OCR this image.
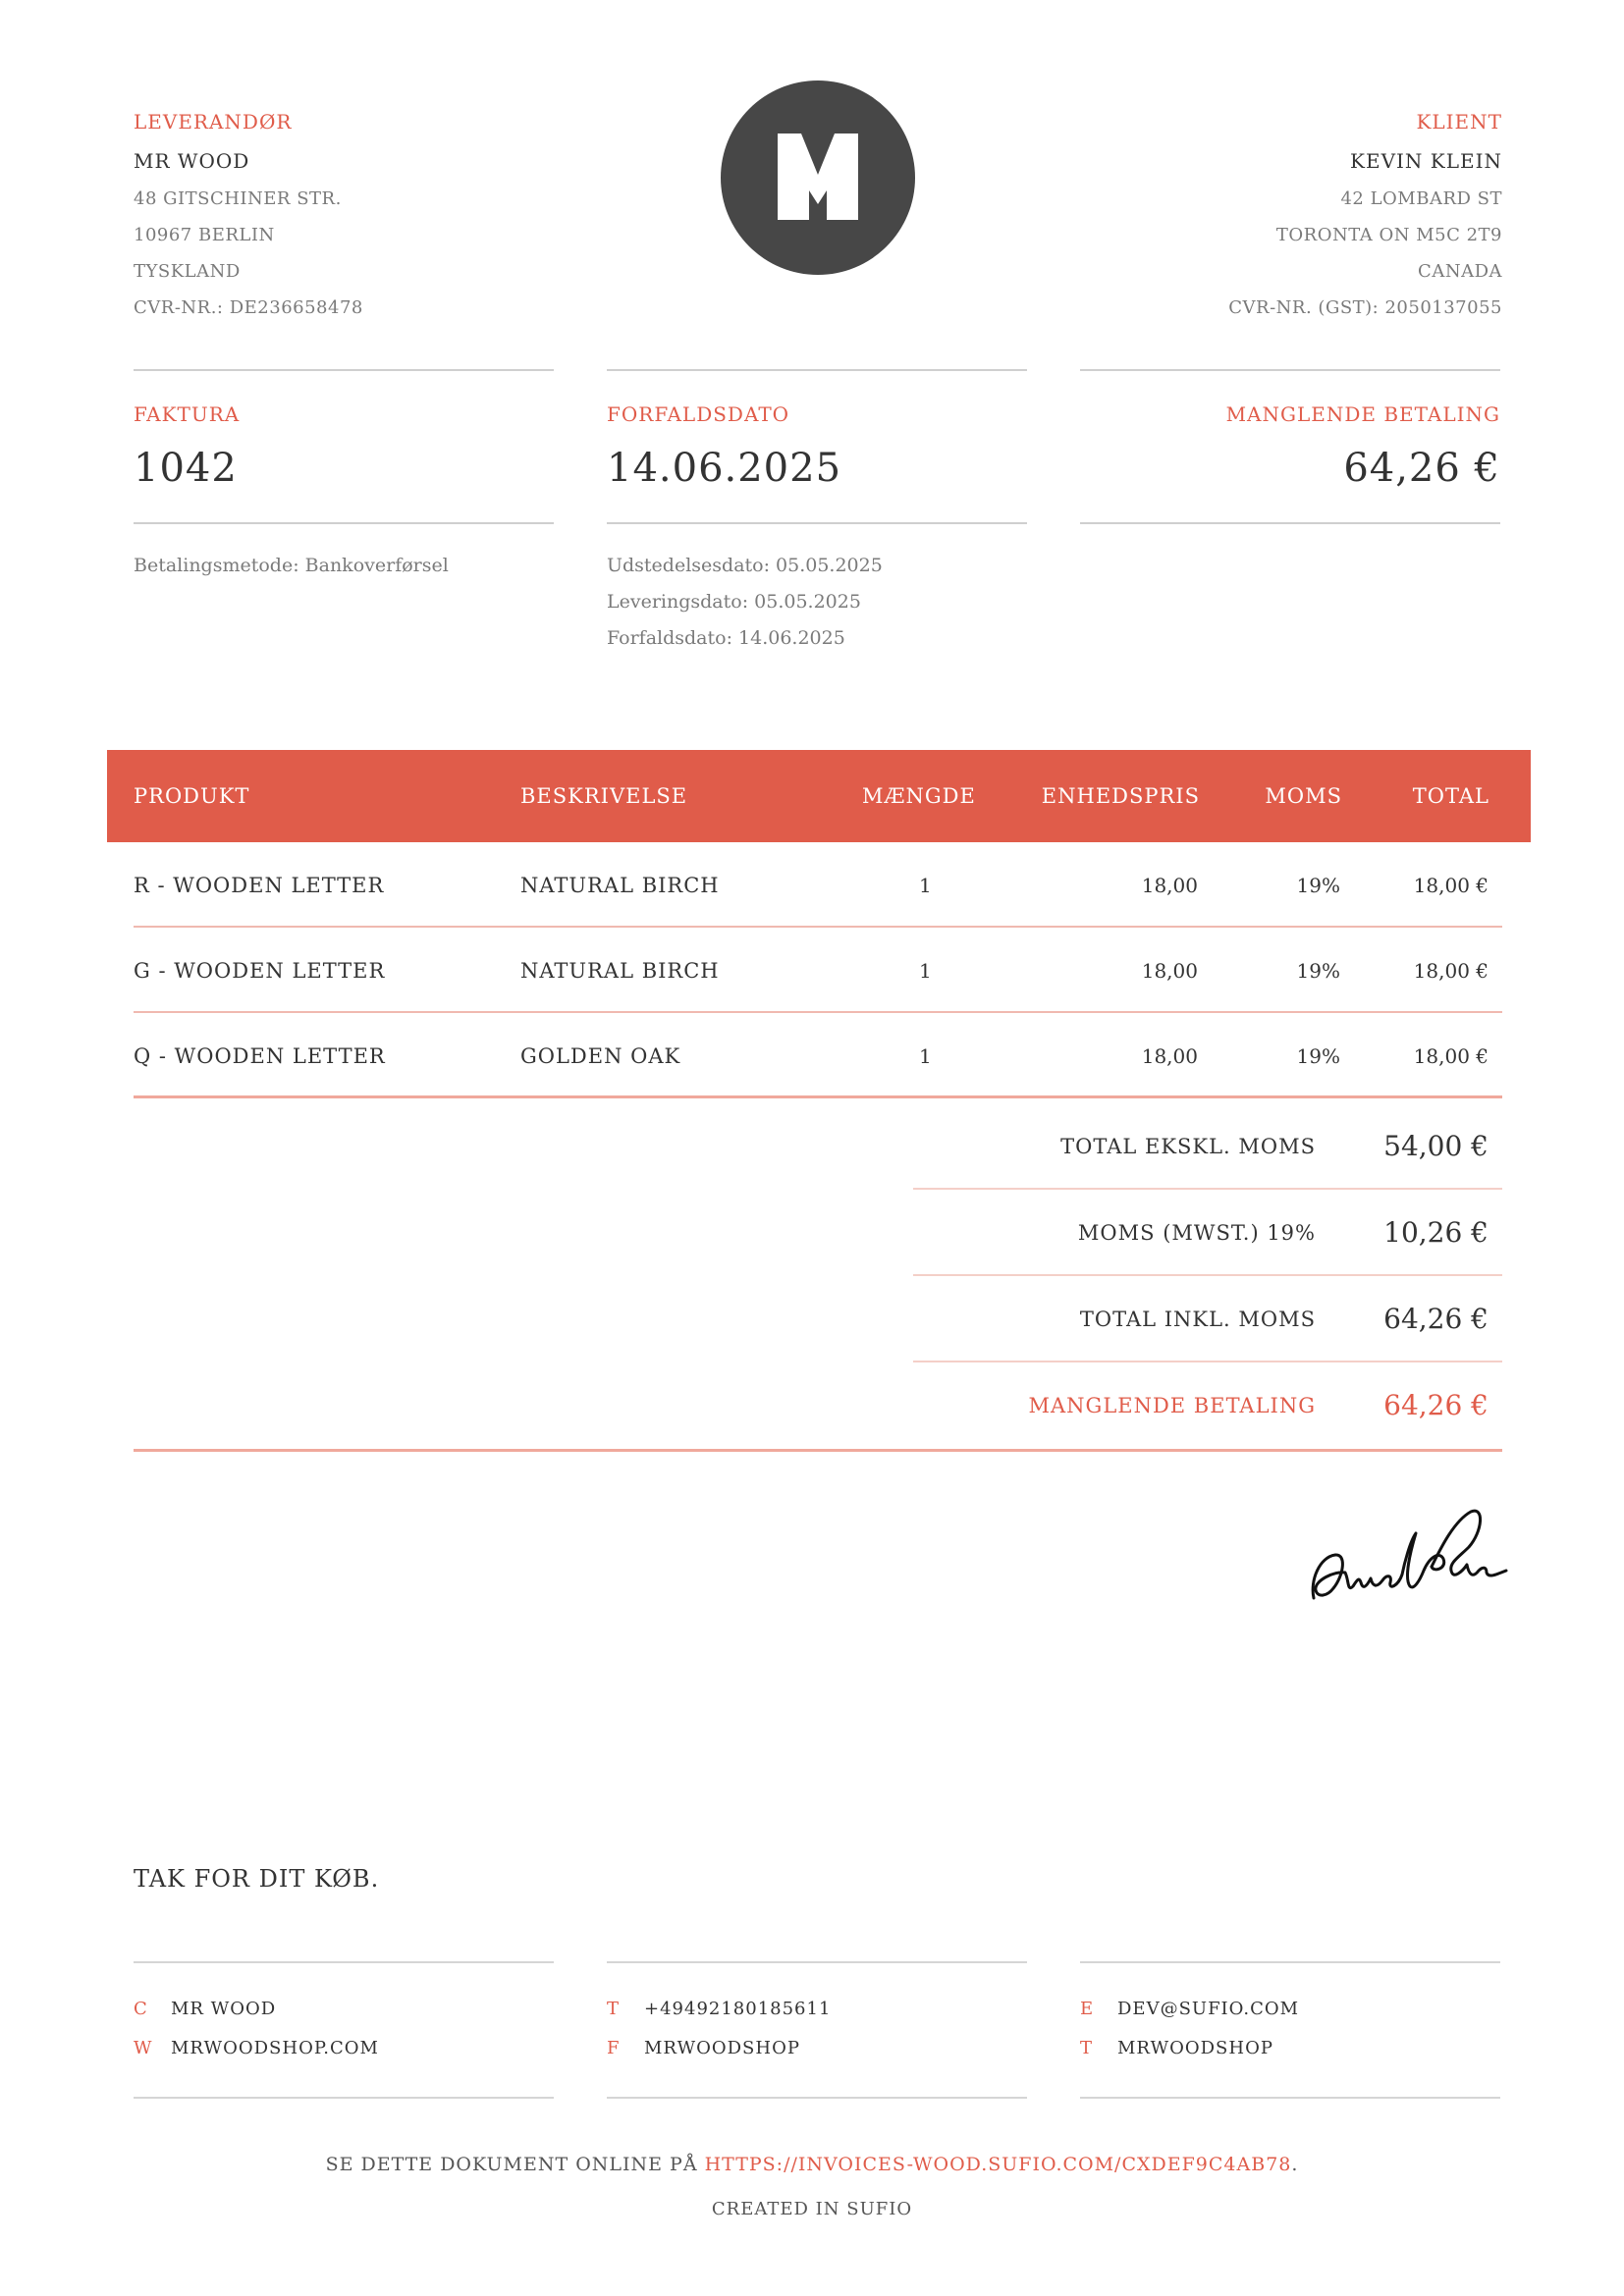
LEVERANDØR
MR WOOD
48 GITSCHINER STR.
10967 BERLIN
TYSKLAND
CVR-NR.: DE236658478
KLIENT
KEVIN KLEIN
42 LOMBARD ST
TORONTA ON M5C 2T9
CANADA
CVR-NR. (GST): 2050137055
FAKTURA
1042
FORFALDSDATO
14.06.2025
MANGLENDE BETALING
64,26 €
Betalingsmetode: Bankoverførsel	Udstedelsesdato: 05.05.2025
Leveringsdato: 05.05.2025
Forfaldsdato: 14.06.2025
PRODUKT	BESKRIVELSE	MÆNGDE	ENHEDSPRIS	MOMS	TOTAL
R - WOODEN LETTER	NATURAL BIRCH	1	18,00	19%	18,00 €
G - WOODEN LETTER	NATURAL BIRCH	1	18,00	19%	18,00 €
Q - WOODEN LETTER	GOLDEN OAK	1	18,00	19%	18,00 €
TOTAL EKSKL. MOMS 54,00 €
MOMS (MWST.) 19% 10,26 €
TOTAL INKL. MOMS 64,26 €
MANGLENDE BETALING 64,26 €
TAK FOR DIT KØB.
C MR WOOD
W MRWOODSHOP.COM
T +4949218018561​1
F MRWOODSHOP
E DEV@SUFIO.COM
T MRWOODSHOP
SE DETTE DOKUMENT ONLINE PÅ HTTPS://INVOICES-WOOD.SUFIO.COM/CXDEF9C4AB78.
CREATED IN SUFIO
